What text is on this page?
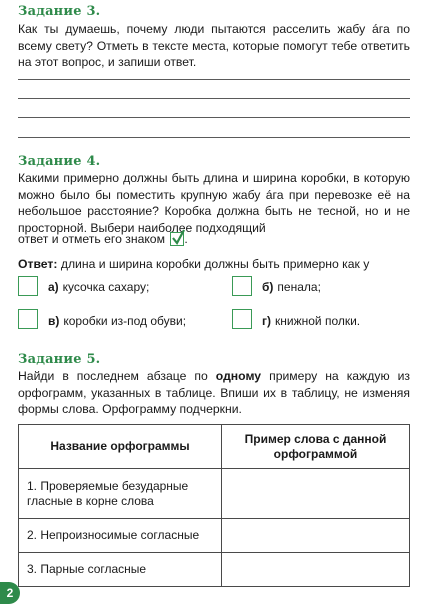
Задание 3.

Как ты думаешь, почему люди пытаются расселить жабу áга по всему свету? Отметь в тексте места, которые помогут тебе ответить на этот вопрос, и запиши ответ.

Задание 4.

Какими примерно должны быть длина и ширина коробки, в которую можно было бы поместить крупную жабу áга при перевозке её на небольшое расстояние? Коробка должна быть не тесной, но и не просторной. Выбери наиболее подходящий

ответ и отметь его знаком .
Ответ: длина и ширина коробки должны быть примерно как у
а) кусочка сахару;	б) пенала;
в) коробки из-под обуви;	г) книжной полки.
Задание 5.

Найди в последнем абзаце по одному примеру на каждую из орфограмм, указанных в таблице. Впиши их в таблицу, не изменяя формы слова. Орфограмму подчеркни.

Название орфограммы	Пример слова с данной орфограммой
1. Проверяемые безударные гласные в корне слова	
2. Непроизносимые согласные	
3. Парные согласные	
2
